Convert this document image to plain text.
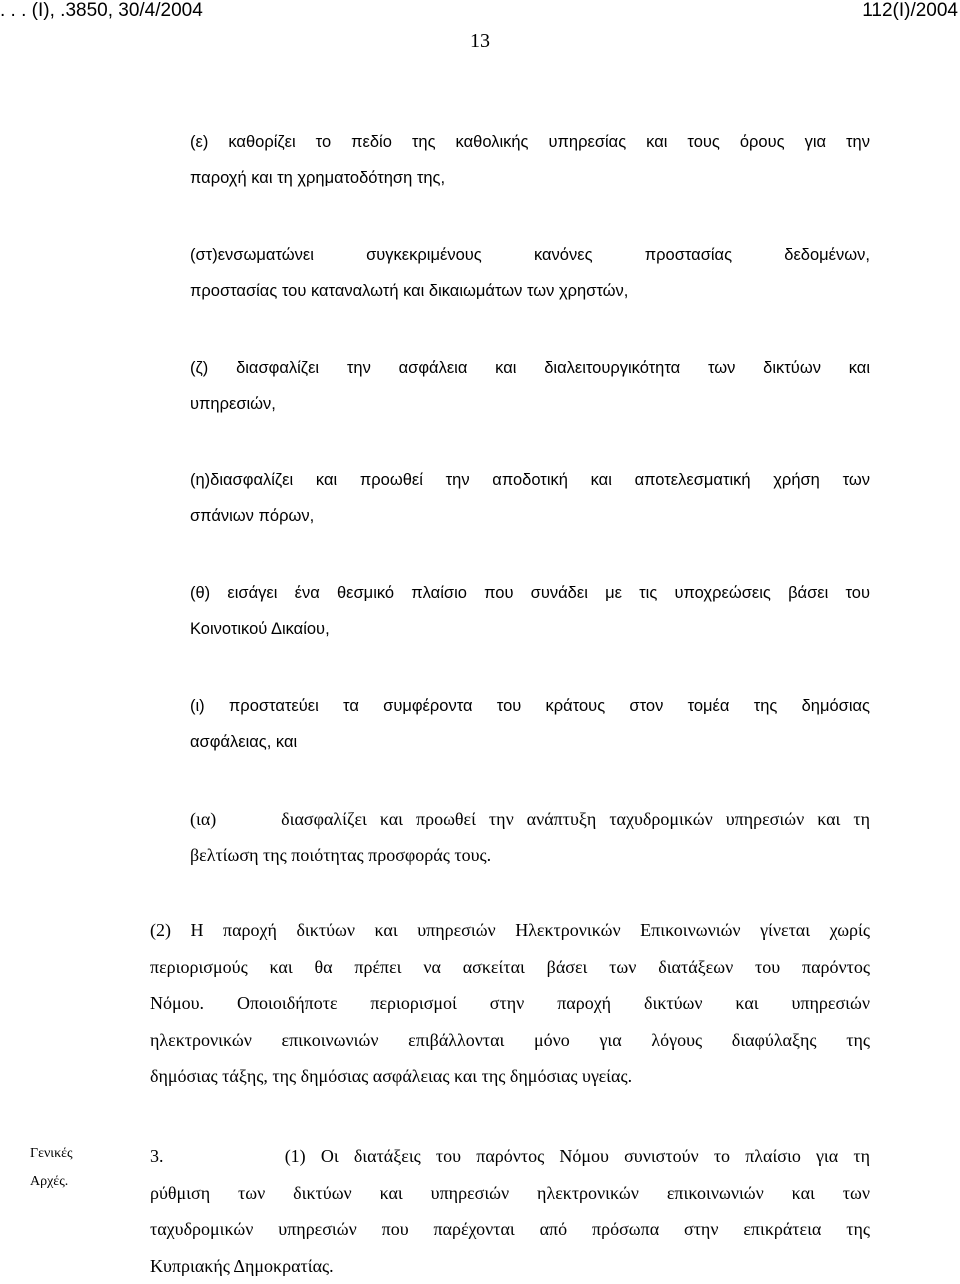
. . . (Ι), .3850, 30/4/2004	112(Ι)/2004
13
(ε) καθορίζει το πεδίο της καθολικής υπηρεσίας και τους όρους για την
παροχή και τη χρηματοδότηση της,
(στ)ενσωματώνει συγκεκριμένους κανόνες προστασίας δεδομένων,
προστασίας του καταναλωτή και δικαιωμάτων των χρηστών,
(ζ) διασφαλίζει την ασφάλεια και διαλειτουργικότητα των δικτύων και
υπηρεσιών,
(η)διασφαλίζει και προωθεί την αποδοτική και αποτελεσματική χρήση των
σπάνιων πόρων,
(θ) εισάγει ένα θεσμικό πλαίσιο που συνάδει με τις υποχρεώσεις βάσει του
Κοινοτικού Δικαίου,
(ι) προστατεύει τα συμφέροντα του κράτους στον τομέα της δημόσιας
ασφάλειας, και
(ια)	διασφαλίζει και προωθεί την ανάπτυξη ταχυδρομικών υπηρεσιών και τη
βελτίωση της ποιότητας προσφοράς τους.
(2) Η παροχή δικτύων και υπηρεσιών Ηλεκτρονικών Επικοινωνιών γίνεται χωρίς
περιορισμούς και θα πρέπει να ασκείται βάσει των διατάξεων του παρόντος
Νόμου. Οποιοιδήποτε περιορισμοί στην παροχή δικτύων και υπηρεσιών
ηλεκτρονικών επικοινωνιών επιβάλλονται μόνο για λόγους διαφύλαξης της
δημόσιας τάξης, της δημόσιας ασφάλειας και της δημόσιας υγείας.
Γενικές
Αρχές.
3.	(1) Οι διατάξεις του παρόντος Νόμου συνιστούν το πλαίσιο για τη
ρύθμιση των δικτύων και υπηρεσιών ηλεκτρονικών επικοινωνιών και των
ταχυδρομικών υπηρεσιών που παρέχονται από πρόσωπα στην επικράτεια της
Κυπριακής Δημοκρατίας.
